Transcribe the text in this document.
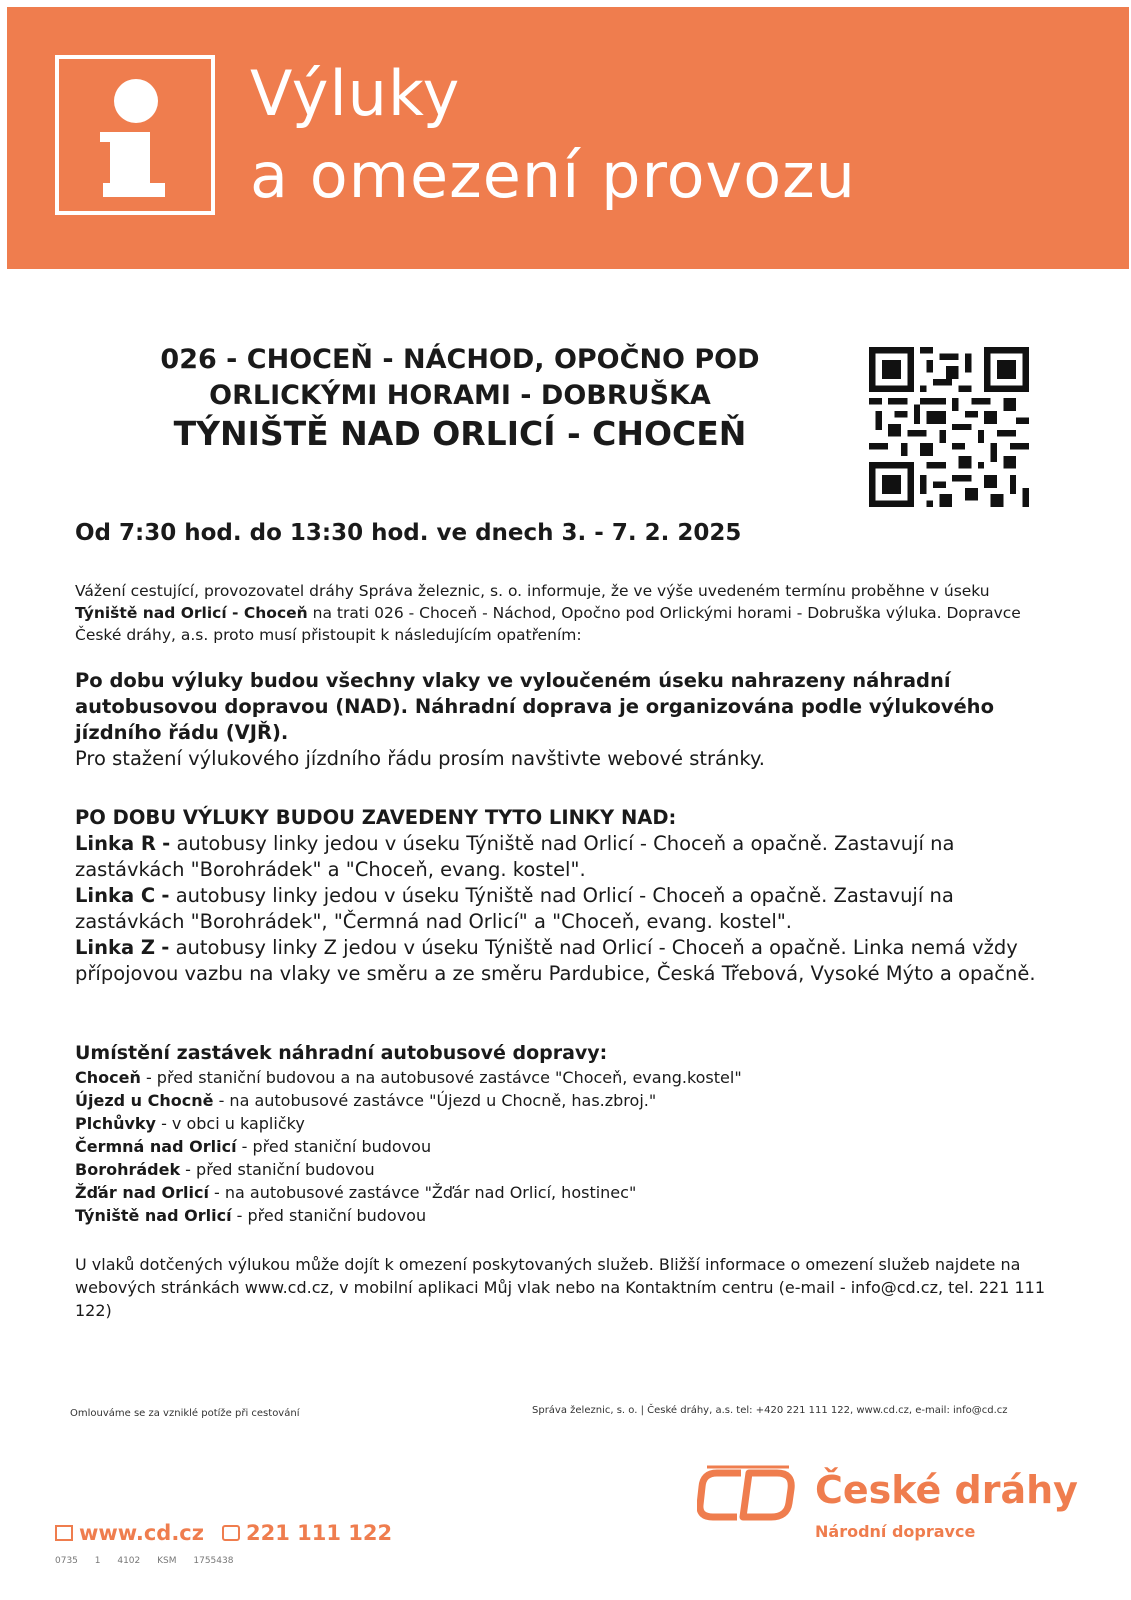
Výluky
a omezení provozu
026 - CHOCEŇ - NÁCHOD, OPOČNO POD
ORLICKÝMI HORAMI - DOBRUŠKA
TÝNIŠTĚ NAD ORLICÍ - CHOCEŇ
Od 7:30 hod. do 13:30 hod. ve dnech 3. - 7. 2. 2025
Vážení cestující, provozovatel dráhy Správa železnic, s. o. informuje, že ve výše uvedeném termínu proběhne v úseku Týniště nad Orlicí - Choceň na trati 026 - Choceň - Náchod, Opočno pod Orlickými horami - Dobruška výluka. Dopravce České dráhy, a.s. proto musí přistoupit k následujícím opatřením:
Po dobu výluky budou všechny vlaky ve vyloučeném úseku nahrazeny náhradní autobusovou dopravou (NAD). Náhradní doprava je organizována podle výlukového jízdního řádu (VJŘ).
Pro stažení výlukového jízdního řádu prosím navštivte webové stránky.
PO DOBU VÝLUKY BUDOU ZAVEDENY TYTO LINKY NAD:
Linka R - autobusy linky jedou v úseku Týniště nad Orlicí - Choceň a opačně. Zastavují na zastávkách "Borohrádek" a "Choceň, evang. kostel".
Linka C - autobusy linky jedou v úseku Týniště nad Orlicí - Choceň a opačně. Zastavují na zastávkách "Borohrádek", "Čermná nad Orlicí" a "Choceň, evang. kostel".
Linka Z - autobusy linky Z jedou v úseku Týniště nad Orlicí - Choceň a opačně. Linka nemá vždy přípojovou vazbu na vlaky ve směru a ze směru Pardubice, Česká Třebová, Vysoké Mýto a opačně.
Umístění zastávek náhradní autobusové dopravy:
Choceň - před staniční budovou a na autobusové zastávce "Choceň, evang.kostel"
Újezd u Chocně - na autobusové zastávce "Újezd u Chocně, has.zbroj."
Plchůvky - v obci u kapličky
Čermná nad Orlicí - před staniční budovou
Borohrádek - před staniční budovou
Žďár nad Orlicí - na autobusové zastávce "Žďár nad Orlicí, hostinec"
Týniště nad Orlicí - před staniční budovou
U vlaků dotčených výlukou může dojít k omezení poskytovaných služeb. Bližší informace o omezení služeb najdete na webových stránkách www.cd.cz, v mobilní aplikaci Můj vlak nebo na Kontaktním centru (e-mail - info@cd.cz, tel. 221 111 122)
Omlouváme se za vzniklé potíže při cestování	Správa železnic, s. o. | České dráhy, a.s. tel: +420 221 111 122, www.cd.cz, e-mail: info@cd.cz
České dráhy
Národní dopravce
www.cd.cz 221 111 122
0735 1 4102 KSM 1755438
